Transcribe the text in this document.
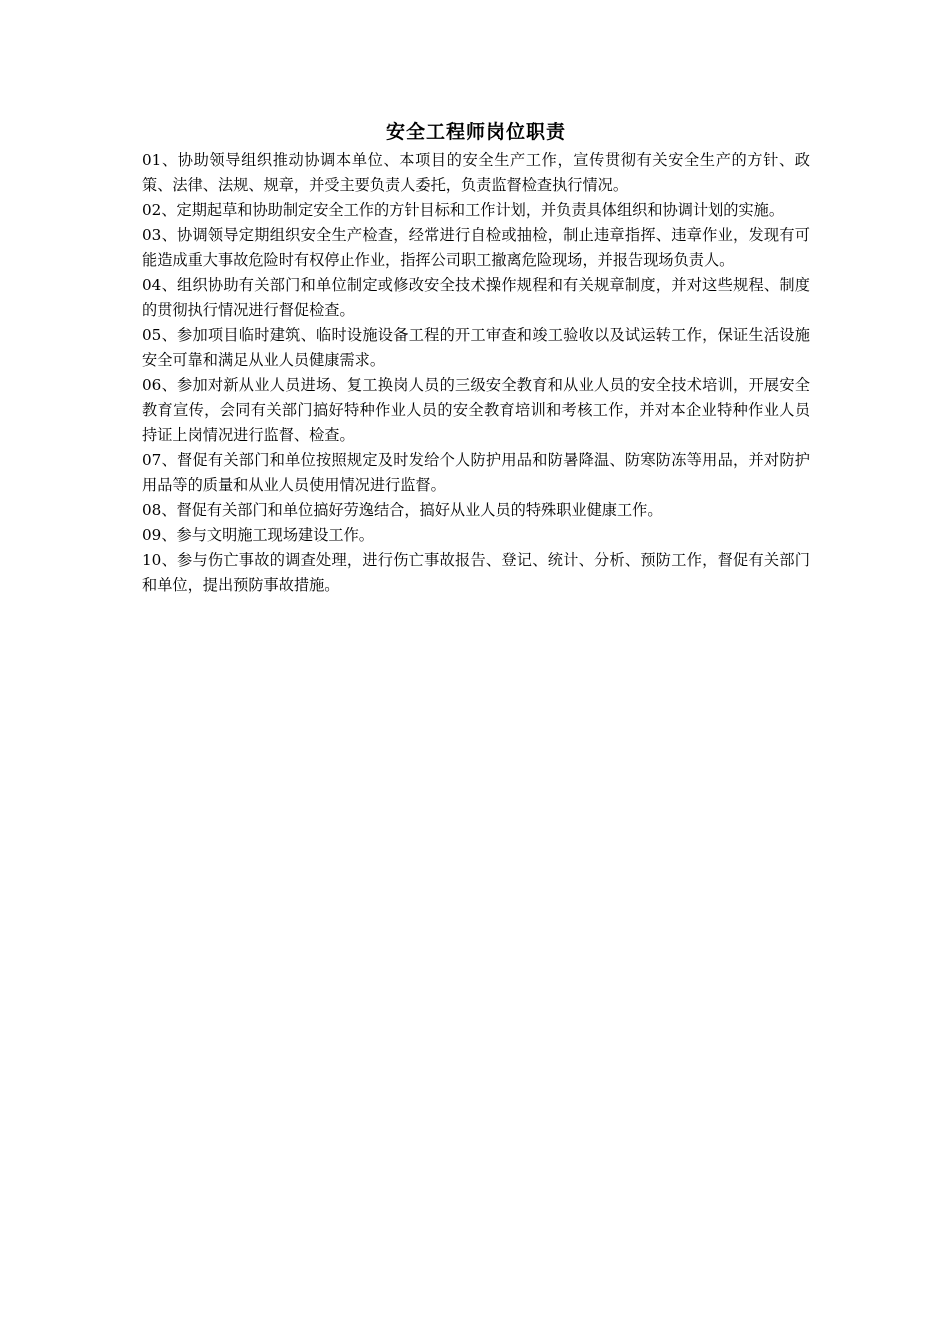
安全工程师岗位职责

01、协助领导组织推动协调本单位、本项目的安全生产工作，宣传贯彻有关安全生产的方针、政策、法律、法规、规章，并受主要负责人委托，负责监督检查执行情况。

02、定期起草和协助制定安全工作的方针目标和工作计划，并负责具体组织和协调计划的实施。

03、协调领导定期组织安全生产检查，经常进行自检或抽检，制止违章指挥、违章作业，发现有可能造成重大事故危险时有权停止作业，指挥公司职工撤离危险现场，并报告现场负责人。

04、组织协助有关部门和单位制定或修改安全技术操作规程和有关规章制度，并对这些规程、制度的贯彻执行情况进行督促检查。

05、参加项目临时建筑、临时设施设备工程的开工审查和竣工验收以及试运转工作，保证生活设施安全可靠和满足从业人员健康需求。

06、参加对新从业人员进场、复工换岗人员的三级安全教育和从业人员的安全技术培训，开展安全教育宣传，会同有关部门搞好特种作业人员的安全教育培训和考核工作，并对本企业特种作业人员持证上岗情况进行监督、检查。

07、督促有关部门和单位按照规定及时发给个人防护用品和防暑降温、防寒防冻等用品，并对防护用品等的质量和从业人员使用情况进行监督。

08、督促有关部门和单位搞好劳逸结合，搞好从业人员的特殊职业健康工作。

09、参与文明施工现场建设工作。

10、参与伤亡事故的调查处理，进行伤亡事故报告、登记、统计、分析、预防工作，督促有关部门和单位，提出预防事故措施。
